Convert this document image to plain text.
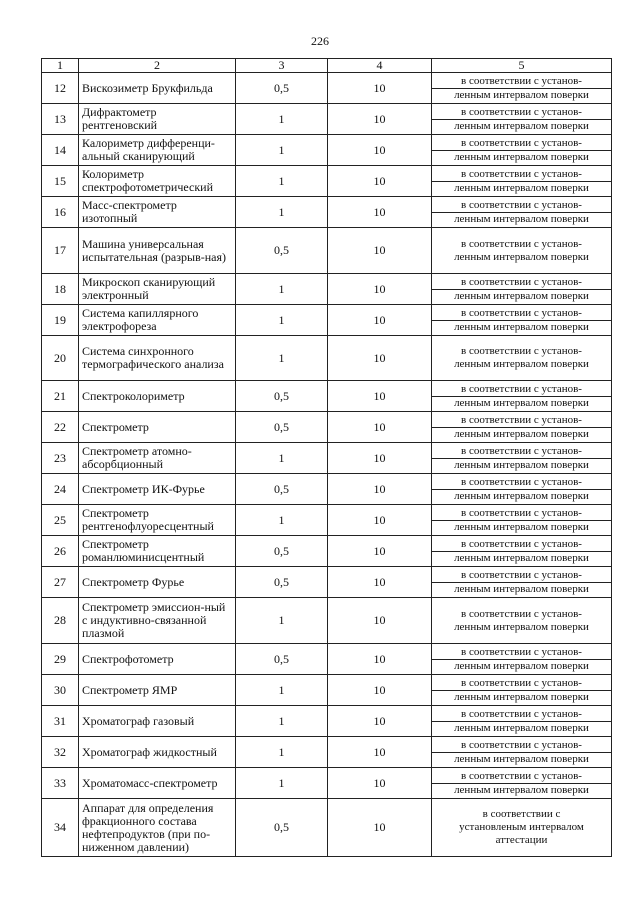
226
1	2	3	4	5
12	Вискозиметр Брукфильда	0,5	10	в соответствии с установ-
ленным интервалом поверки

13	Дифрактометр рентгеновский	1	10	в соответствии с установ-
ленным интервалом поверки

14	Калориметр дифференци-альный сканирующий	1	10	в соответствии с установ-
ленным интервалом поверки

15	Колориметр спектрофотометрический	1	10	в соответствии с установ-
ленным интервалом поверки

16	Масс-спектрометр изотопный	1	10	в соответствии с установ-
ленным интервалом поверки

17	Машина универсальная испытательная (разрыв-ная)	0,5	10	в соответствии с установ-
ленным интервалом поверки

18	Микроскоп сканирующий электронный	1	10	в соответствии с установ-
ленным интервалом поверки

19	Система капиллярного электрофореза	1	10	в соответствии с установ-
ленным интервалом поверки

20	Система синхронного термографического анализа	1	10	в соответствии с установ-
ленным интервалом поверки

21	Спектроколориметр	0,5	10	в соответствии с установ-
ленным интервалом поверки

22	Спектрометр	0,5	10	в соответствии с установ-
ленным интервалом поверки

23	Спектрометр атомно-абсорбционный	1	10	в соответствии с установ-
ленным интервалом поверки

24	Спектрометр ИК-Фурье	0,5	10	в соответствии с установ-
ленным интервалом поверки

25	Спектрометр рентгенофлуоресцентный	1	10	в соответствии с установ-
ленным интервалом поверки

26	Спектрометр романлюминисцентный	0,5	10	в соответствии с установ-
ленным интервалом поверки

27	Спектрометр Фурье	0,5	10	в соответствии с установ-
ленным интервалом поверки

28	Спектрометр эмиссион-ный с индуктивно-связанной плазмой	1	10	в соответствии с установ-
ленным интервалом поверки

29	Спектрофотометр	0,5	10	в соответствии с установ-
ленным интервалом поверки

30	Спектрометр ЯМР	1	10	в соответствии с установ-
ленным интервалом поверки

31	Хроматограф газовый	1	10	в соответствии с установ-
ленным интервалом поверки

32	Хроматограф жидкостный	1	10	в соответствии с установ-
ленным интервалом поверки

33	Хроматомасс-спектрометр	1	10	в соответствии с установ-
ленным интервалом поверки

34	Аппарат для определения фракционного состава нефтепродуктов (при по-ниженном давлении)	0,5	10	в соответствии с
установленым интервалом
аттестации
